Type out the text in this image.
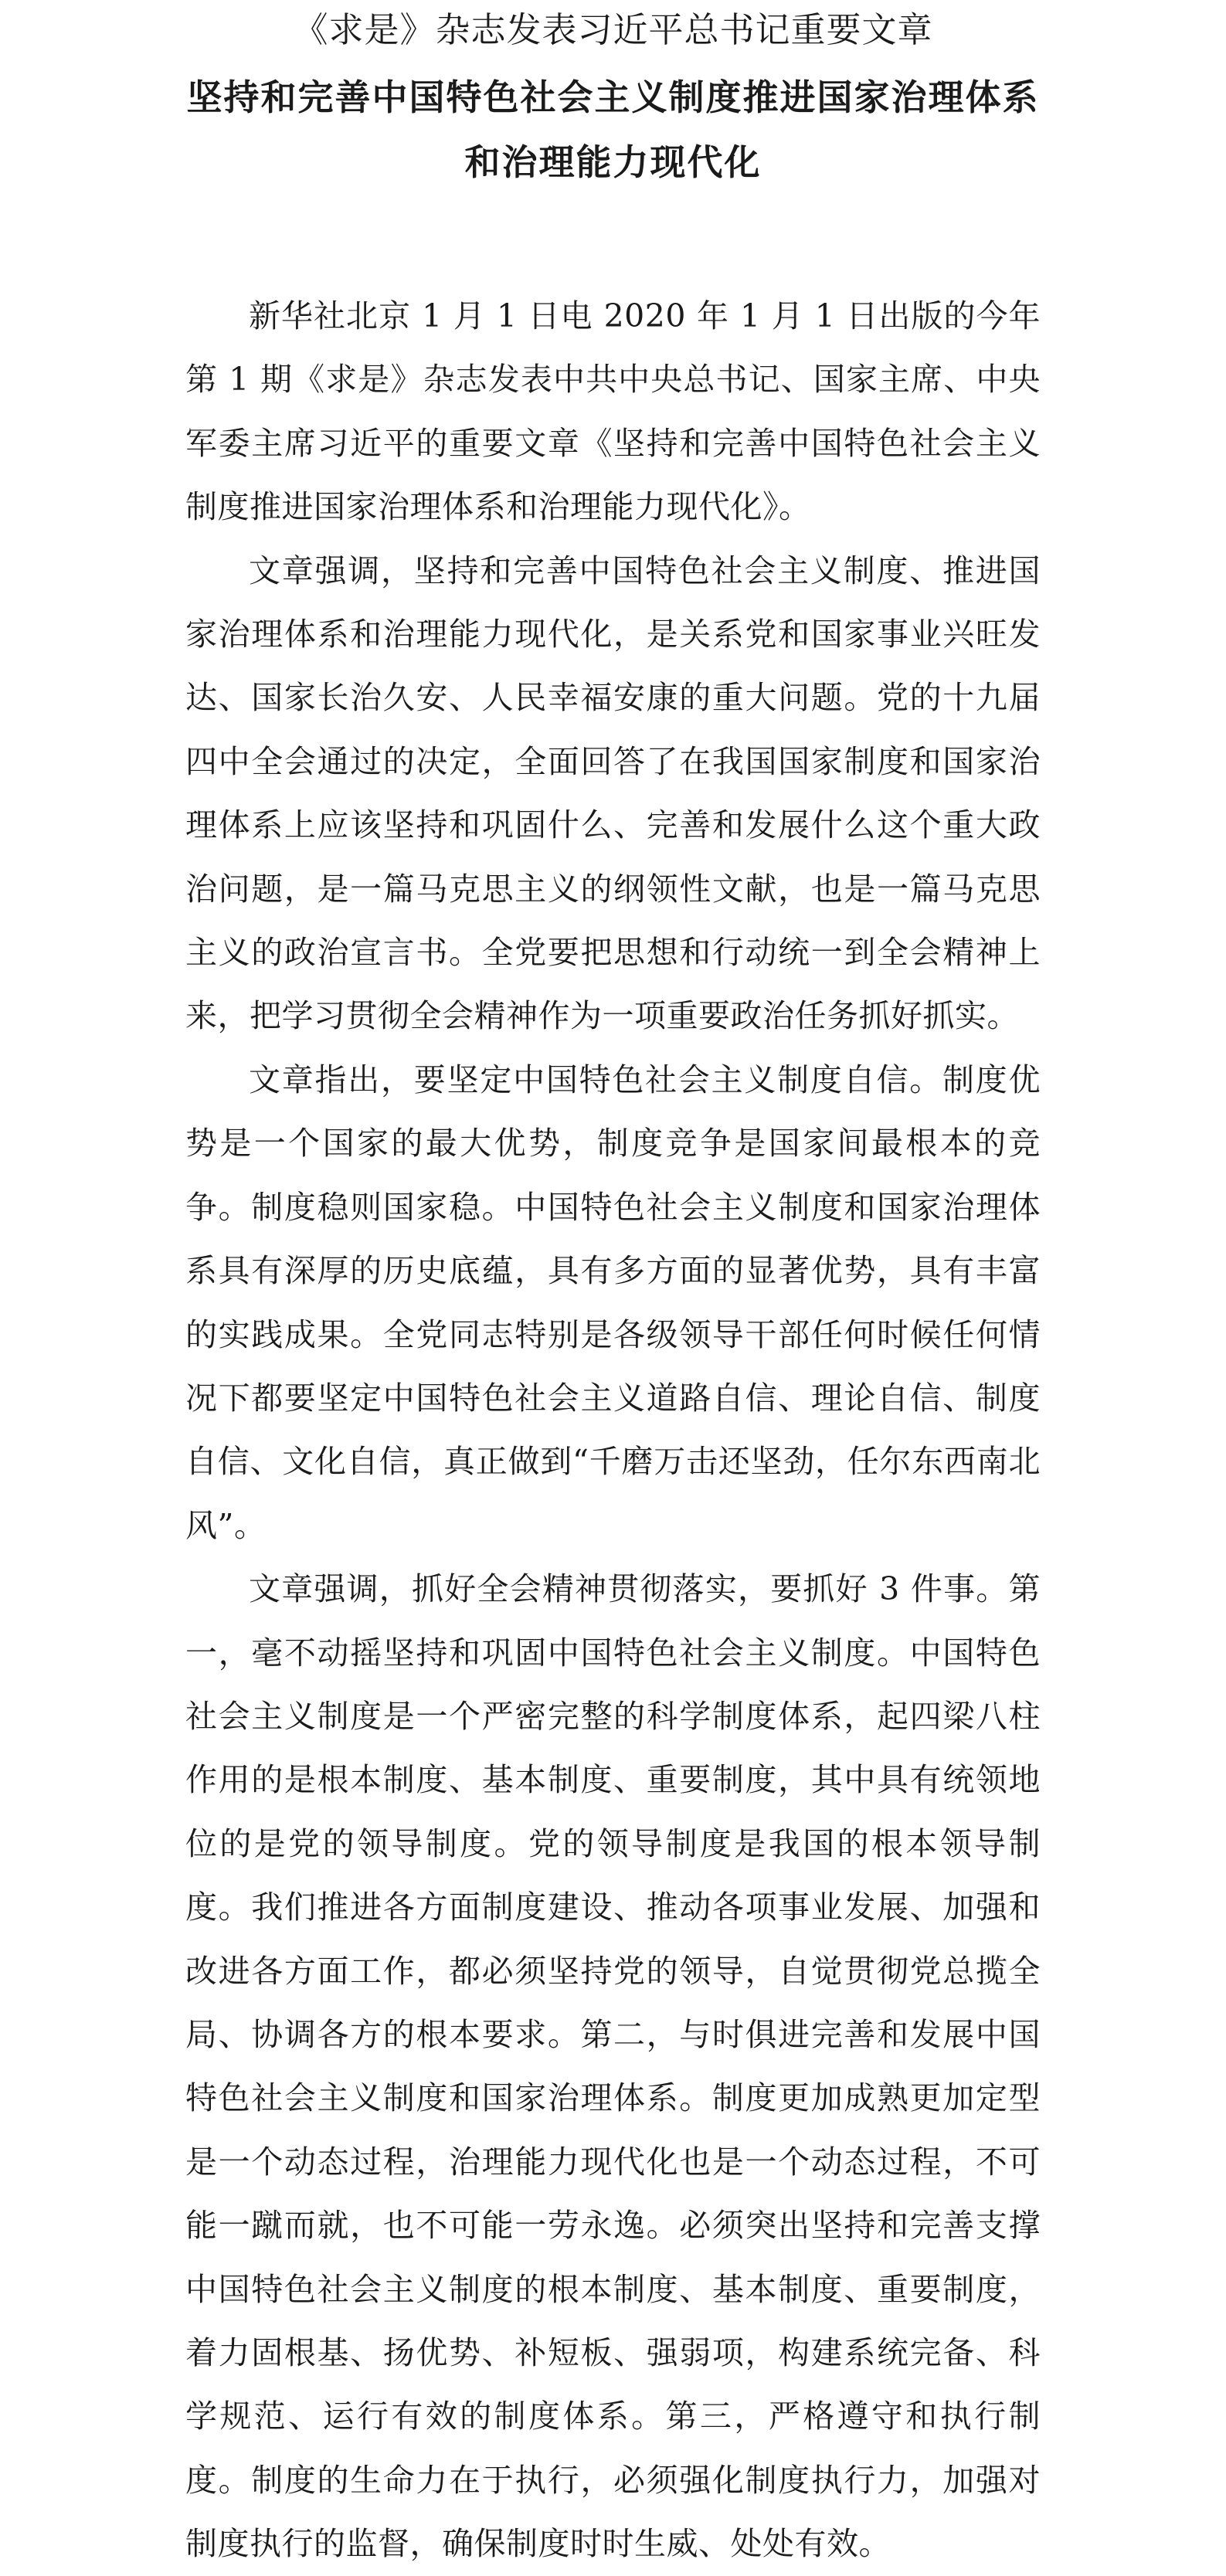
《求是》杂志发表习近平总书记重要文章
坚持和完善中国特色社会主义制度推进国家治理体系
和治理能力现代化

新华社北京 1 月 1 日电 2020 年 1 月 1 日出版的今年第 1 期《求是》杂志发表中共中央总书记、国家主席、中央军委主席习近平的重要文章《坚持和完善中国特色社会主义制度推进国家治理体系和治理能力现代化》。

文章强调，坚持和完善中国特色社会主义制度、推进国家治理体系和治理能力现代化，是关系党和国家事业兴旺发达、国家长治久安、人民幸福安康的重大问题。党的十九届四中全会通过的决定，全面回答了在我国国家制度和国家治理体系上应该坚持和巩固什么、完善和发展什么这个重大政治问题，是一篇马克思主义的纲领性文献，也是一篇马克思主义的政治宣言书。全党要把思想和行动统一到全会精神上来，把学习贯彻全会精神作为一项重要政治任务抓好抓实。

文章指出，要坚定中国特色社会主义制度自信。制度优势是一个国家的最大优势，制度竞争是国家间最根本的竞争。制度稳则国家稳。中国特色社会主义制度和国家治理体系具有深厚的历史底蕴，具有多方面的显著优势，具有丰富的实践成果。全党同志特别是各级领导干部任何时候任何情况下都要坚定中国特色社会主义道路自信、理论自信、制度自信、文化自信，真正做到“千磨万击还坚劲，任尔东西南北风”。

文章强调，抓好全会精神贯彻落实，要抓好 3 件事。第一，毫不动摇坚持和巩固中国特色社会主义制度。中国特色社会主义制度是一个严密完整的科学制度体系，起四梁八柱作用的是根本制度、基本制度、重要制度，其中具有统领地位的是党的领导制度。党的领导制度是我国的根本领导制度。我们推进各方面制度建设、推动各项事业发展、加强和改进各方面工作，都必须坚持党的领导，自觉贯彻党总揽全局、协调各方的根本要求。第二，与时俱进完善和发展中国特色社会主义制度和国家治理体系。制度更加成熟更加定型是一个动态过程，治理能力现代化也是一个动态过程，不可能一蹴而就，也不可能一劳永逸。必须突出坚持和完善支撑中国特色社会主义制度的根本制度、基本制度、重要制度，着力固根基、扬优势、补短板、强弱项，构建系统完备、科学规范、运行有效的制度体系。第三，严格遵守和执行制度。制度的生命力在于执行，必须强化制度执行力，加强对制度执行的监督，确保制度时时生威、处处有效。
